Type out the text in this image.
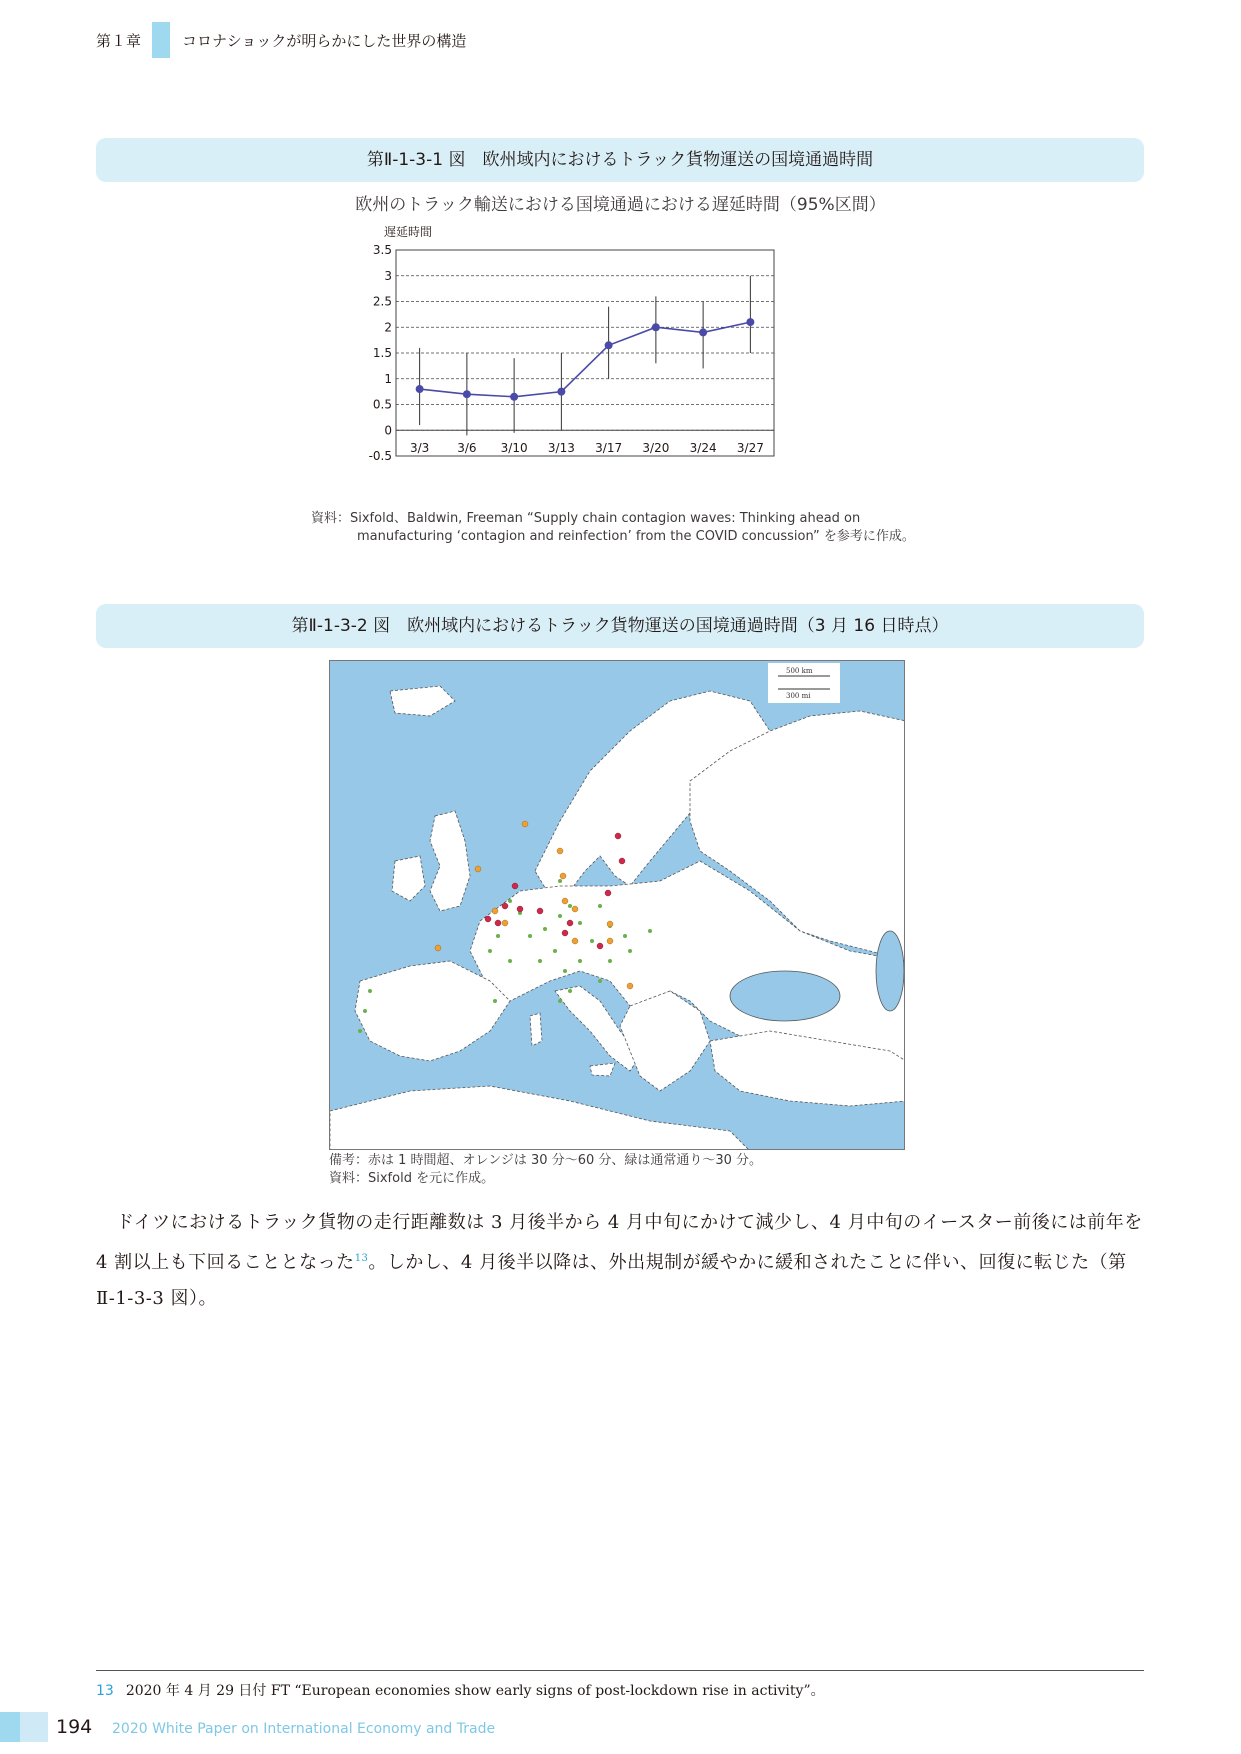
第１章	コロナショックが明らかにした世界の構造
第Ⅱ-1-3-1 図　欧州域内におけるトラック貨物運送の国境通過時間
欧州のトラック輸送における国境通過における遅延時間（95%区間）
遅延時間
-0.5
0
0.5
1
1.5
2
2.5
3
3.5
3/3 3/6 3/10 3/13 3/17 3/20 3/24 3/27
資料：Sixfold、Baldwin, Freeman “Supply chain contagion waves: Thinking ahead on
manufacturing ‘contagion and reinfection’ from the COVID concussion” を参考に作成。
第Ⅱ-1-3-2 図　欧州域内におけるトラック貨物運送の国境通過時間（3 月 16 日時点）
500 km
300 mi
備考：赤は 1 時間超、オレンジは 30 分〜60 分、緑は通常通り〜30 分。
資料：Sixfold を元に作成。
ドイツにおけるトラック貨物の走行距離数は 3 月後半から 4 月中旬にかけて減少し、4 月中旬のイースター前後には前年を 4 割以上も下回ることとなった$^{13}$。しかし、4 月後半以降は、外出規制が緩やかに緩和されたことに伴い、回復に転じた（第Ⅱ-1-3-3 図）。
13 2020 年 4 月 29 日付 FT “European economies show early signs of post-lockdown rise in activity”。
194 2020 White Paper on International Economy and Trade
